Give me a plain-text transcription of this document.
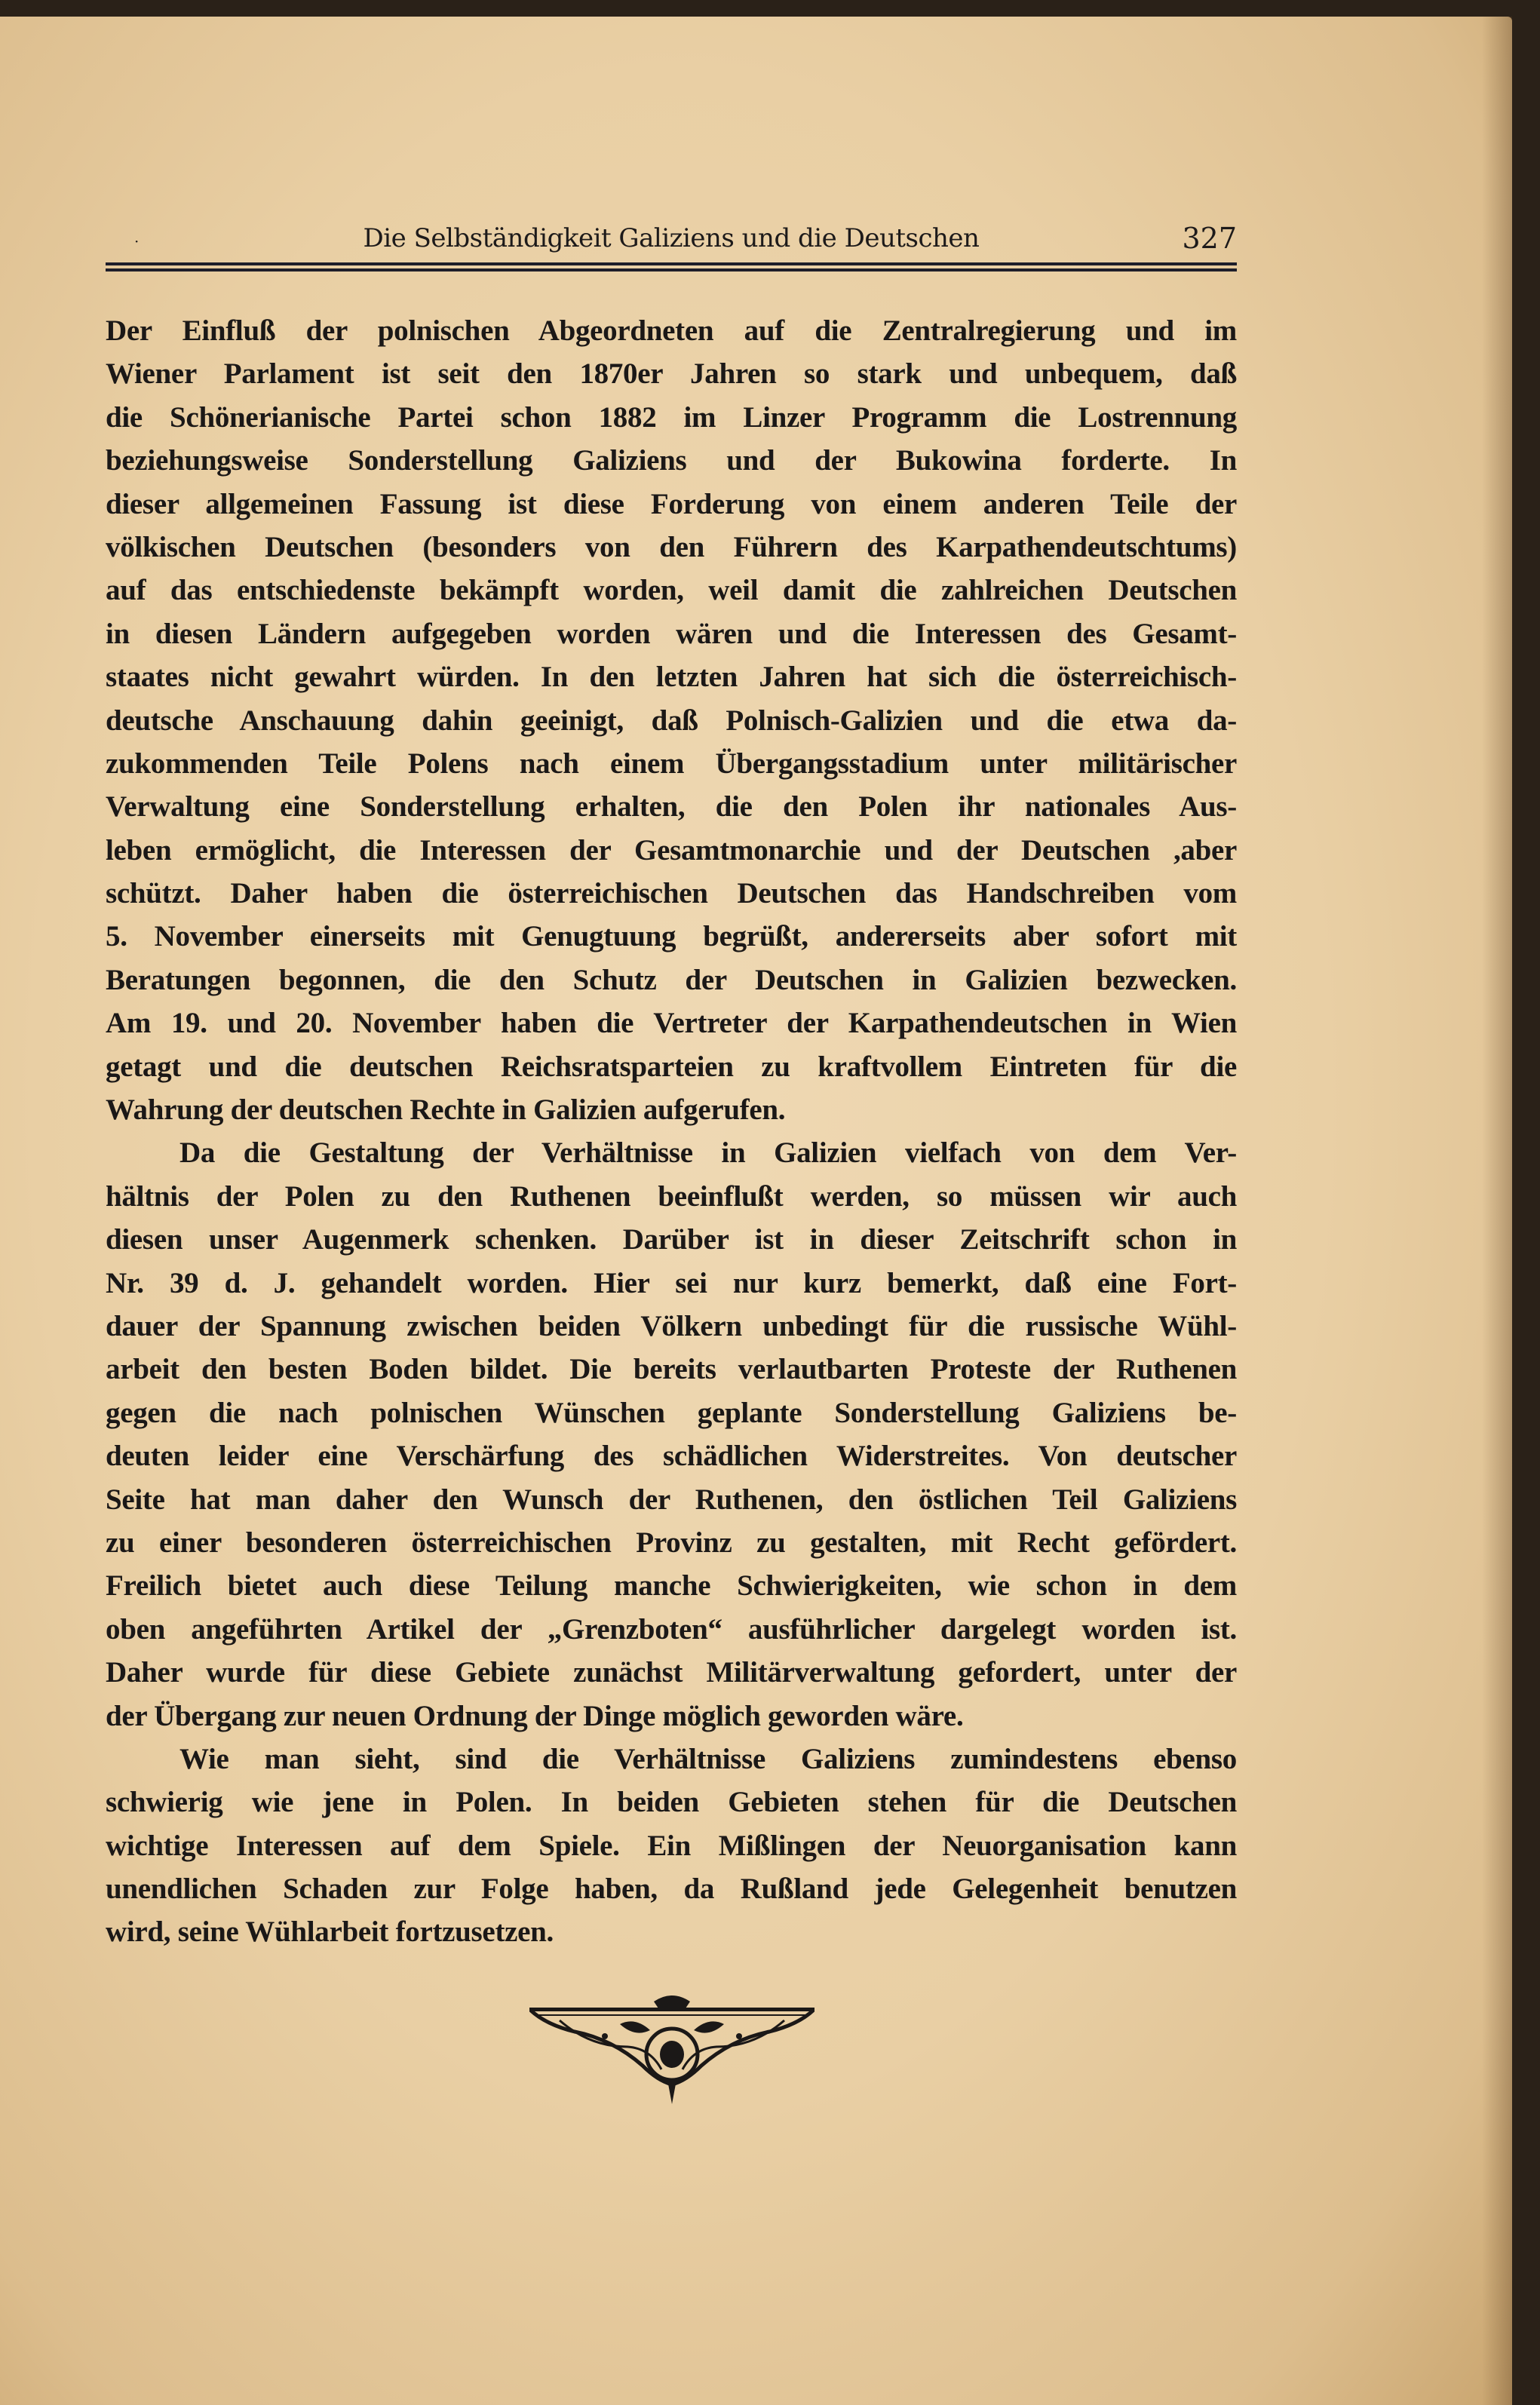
·	Die Selbständigkeit Galiziens und die Deutschen	327
Der Einfluß der polnischen Abgeordneten auf die Zentralregierung und im
Wiener Parlament ist seit den 1870er Jahren so stark und unbequem, daß
die Schönerianische Partei schon 1882 im Linzer Programm die Lostrennung
beziehungsweise Sonderstellung Galiziens und der Bukowina forderte. In
dieser allgemeinen Fassung ist diese Forderung von einem anderen Teile der
völkischen Deutschen (besonders von den Führern des Karpathendeutschtums)
auf das entschiedenste bekämpft worden, weil damit die zahlreichen Deutschen
in diesen Ländern aufgegeben worden wären und die Interessen des Gesamt-
staates nicht gewahrt würden. In den letzten Jahren hat sich die österreichisch-
deutsche Anschauung dahin geeinigt, daß Polnisch-Galizien und die etwa da-
zukommenden Teile Polens nach einem Übergangsstadium unter militärischer
Verwaltung eine Sonderstellung erhalten, die den Polen ihr nationales Aus-
leben ermöglicht, die Interessen der Gesamtmonarchie und der Deutschen ,aber
schützt. Daher haben die österreichischen Deutschen das Handschreiben vom
5. November einerseits mit Genugtuung begrüßt, andererseits aber sofort mit
Beratungen begonnen, die den Schutz der Deutschen in Galizien bezwecken.
Am 19. und 20. November haben die Vertreter der Karpathendeutschen in Wien
getagt und die deutschen Reichsratsparteien zu kraftvollem Eintreten für die
Wahrung der deutschen Rechte in Galizien aufgerufen.
Da die Gestaltung der Verhältnisse in Galizien vielfach von dem Ver-
hältnis der Polen zu den Ruthenen beeinflußt werden, so müssen wir auch
diesen unser Augenmerk schenken. Darüber ist in dieser Zeitschrift schon in
Nr. 39 d. J. gehandelt worden. Hier sei nur kurz bemerkt, daß eine Fort-
dauer der Spannung zwischen beiden Völkern unbedingt für die russische Wühl-
arbeit den besten Boden bildet. Die bereits verlautbarten Proteste der Ruthenen
gegen die nach polnischen Wünschen geplante Sonderstellung Galiziens be-
deuten leider eine Verschärfung des schädlichen Widerstreites. Von deutscher
Seite hat man daher den Wunsch der Ruthenen, den östlichen Teil Galiziens
zu einer besonderen österreichischen Provinz zu gestalten, mit Recht gefördert.
Freilich bietet auch diese Teilung manche Schwierigkeiten, wie schon in dem
oben angeführten Artikel der „Grenzboten“ ausführlicher dargelegt worden ist.
Daher wurde für diese Gebiete zunächst Militärverwaltung gefordert, unter der
der Übergang zur neuen Ordnung der Dinge möglich geworden wäre.
Wie man sieht, sind die Verhältnisse Galiziens zumindestens ebenso
schwierig wie jene in Polen. In beiden Gebieten stehen für die Deutschen
wichtige Interessen auf dem Spiele. Ein Mißlingen der Neuorganisation kann
unendlichen Schaden zur Folge haben, da Rußland jede Gelegenheit benutzen
wird, seine Wühlarbeit fortzusetzen.
